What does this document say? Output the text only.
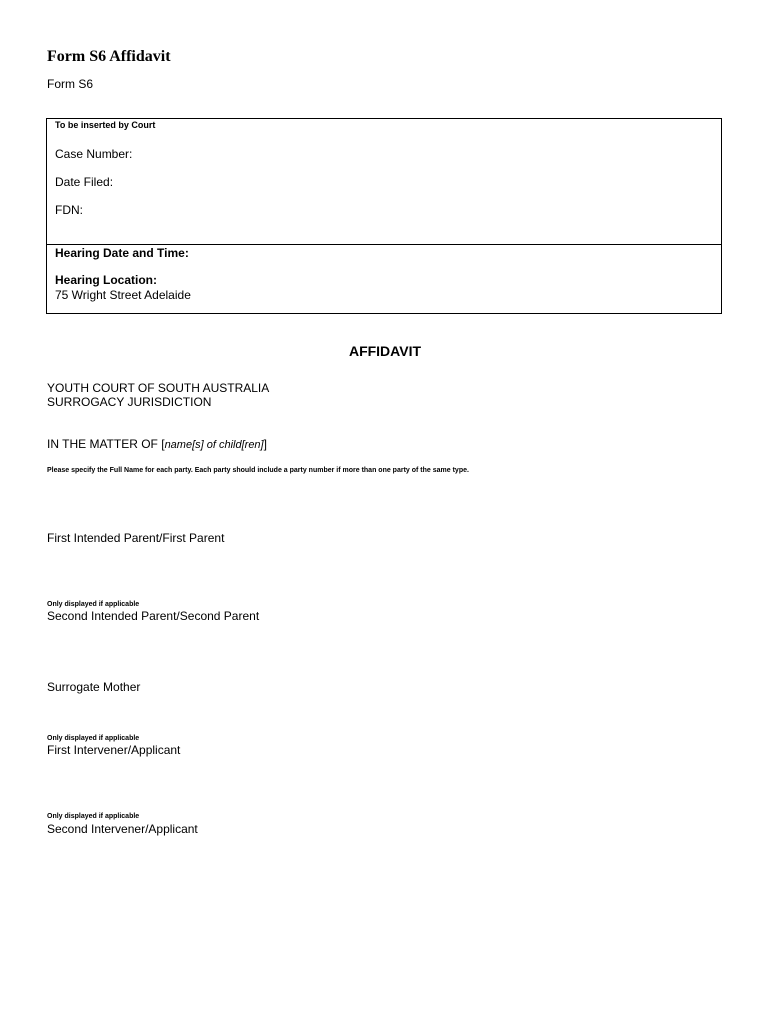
Form S6 Affidavit
Form S6
To be inserted by Court
Case Number:
Date Filed:
FDN:
Hearing Date and Time:
Hearing Location:
75 Wright Street Adelaide
AFFIDAVIT
YOUTH COURT OF SOUTH AUSTRALIA
SURROGACY JURISDICTION
IN THE MATTER OF [name[s] of child[ren]]
Please specify the Full Name for each party. Each party should include a party number if more than one party of the same type.
First Intended Parent/First Parent
Only displayed if applicable
Second Intended Parent/Second Parent
Surrogate Mother
Only displayed if applicable
First Intervener/Applicant
Only displayed if applicable
Second Intervener/Applicant
